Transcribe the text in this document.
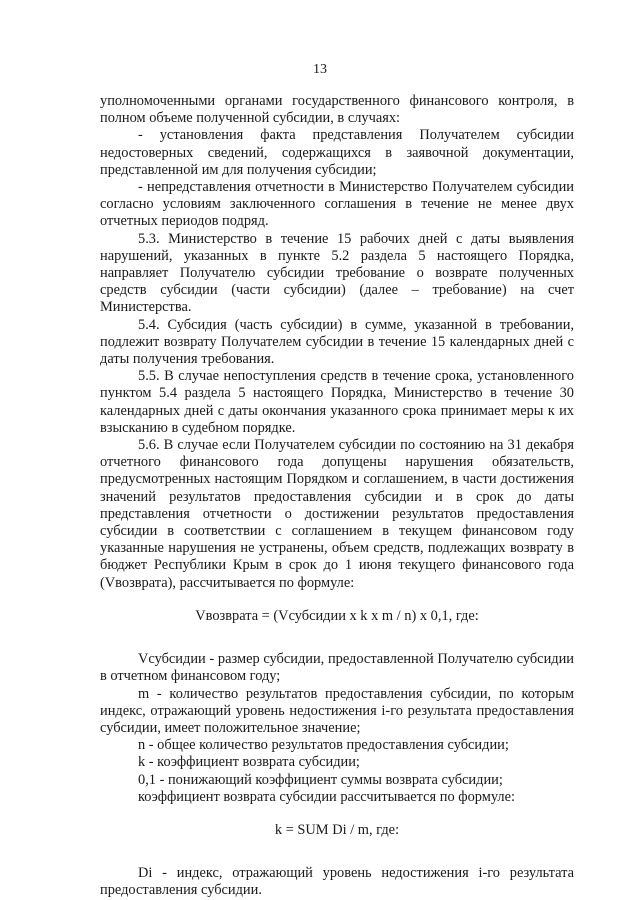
13

уполномоченными органами государственного финансового контроля, в полном объеме полученной субсидии, в случаях:

- установления факта представления Получателем субсидии недостоверных сведений, содержащихся в заявочной документации, представленной им для получения субсидии;

- непредставления отчетности в Министерство Получателем субсидии согласно условиям заключенного соглашения в течение не менее двух отчетных периодов подряд.

5.3. Министерство в течение 15 рабочих дней с даты выявления нарушений, указанных в пункте 5.2 раздела 5 настоящего Порядка, направляет Получателю субсидии требование о возврате полученных средств субсидии (части субсидии) (далее – требование) на счет Министерства.

5.4. Субсидия (часть субсидии) в сумме, указанной в требовании, подлежит возврату Получателем субсидии в течение 15 календарных дней с даты получения требования.

5.5. В случае непоступления средств в течение срока, установленного пунктом 5.4 раздела 5 настоящего Порядка, Министерство в течение 30 календарных дней с даты окончания указанного срока принимает меры к их взысканию в судебном порядке.

5.6. В случае если Получателем субсидии по состоянию на 31 декабря отчетного финансового года допущены нарушения обязательств, предусмотренных настоящим Порядком и соглашением, в части достижения значений результатов предоставления субсидии и в срок до даты представления отчетности о достижении результатов предоставления субсидии в соответствии с соглашением в текущем финансовом году указанные нарушения не устранены, объем средств, подлежащих возврату в бюджет Республики Крым в срок до 1 июня текущего финансового года (Vвозврата), рассчитывается по формуле:

Vвозврата = (Vсубсидии x k x m / n) x 0,1, где:

Vсубсидии - размер субсидии, предоставленной Получателю субсидии в отчетном финансовом году;

m - количество результатов предоставления субсидии, по которым индекс, отражающий уровень недостижения i-го результата предоставления субсидии, имеет положительное значение;

n - общее количество результатов предоставления субсидии;

k - коэффициент возврата субсидии;

0,1 - понижающий коэффициент суммы возврата субсидии;

коэффициент возврата субсидии рассчитывается по формуле:

k = SUM Di / m, где:

Di - индекс, отражающий уровень недостижения i-го результата предоставления субсидии.
